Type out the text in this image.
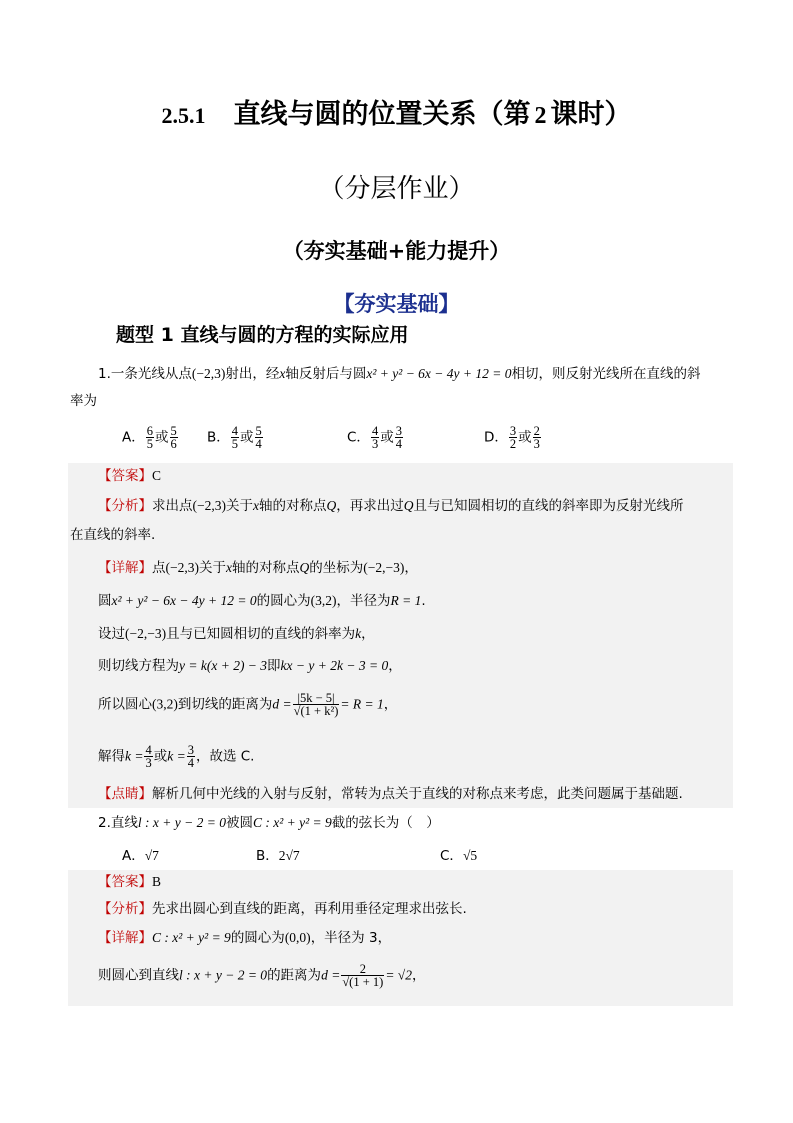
2.5.1 直线与圆的位置关系（第 2 课时）
（分层作业）
（夯实基础+能力提升）
【夯实基础】
题型 1 直线与圆的方程的实际应用
1.一条光线从点(−2,3)射出，经x轴反射后与圆x² + y² − 6x − 4y + 12 = 0相切，则反射光线所在直线的斜
率为
A． $\frac{6}{5}$ 或 $\frac{5}{6}$ B． $\frac{4}{5}$ 或 $\frac{5}{4}$	C． $\frac{4}{3}$ 或 $\frac{3}{4}$	D． $\frac{3}{2}$ 或 $\frac{2}{3}$
【答案】C
【分析】求出点(−2,3)关于x轴的对称点Q，再求出过Q且与已知圆相切的直线的斜率即为反射光线所
在直线的斜率.
【详解】点(−2,3)关于x轴的对称点Q的坐标为(−2,−3)，
圆x² + y² − 6x − 4y + 12 = 0的圆心为(3,2)，半径为R = 1.
设过(−2,−3)且与已知圆相切的直线的斜率为k，
则切线方程为y = k(x + 2) − 3即kx − y + 2k − 3 = 0，
所以圆心(3,2)到切线的距离为$d = \frac{|5k - 5|}{\text{√(1 + k²)}} = R = 1$，
解得$k = \frac{4}{3}$ 或$k = \frac{3}{4}$ ，故选 C.
【点睛】解析几何中光线的入射与反射，常转为点关于直线的对称点来考虑，此类问题属于基础题.
2.直线l : x + y − 2 = 0被圆C : x² + y² = 9截的弦长为（　）
A．√7	B．2√7	C．√5
【答案】B
【分析】先求出圆心到直线的距离，再利用垂径定理求出弦长.
【详解】C : x² + y² = 9的圆心为(0,0)，半径为 3，
则圆心到直线l : x + y − 2 = 0的距离为$d = \frac{2}{√(1 + 1)} = √2$，
